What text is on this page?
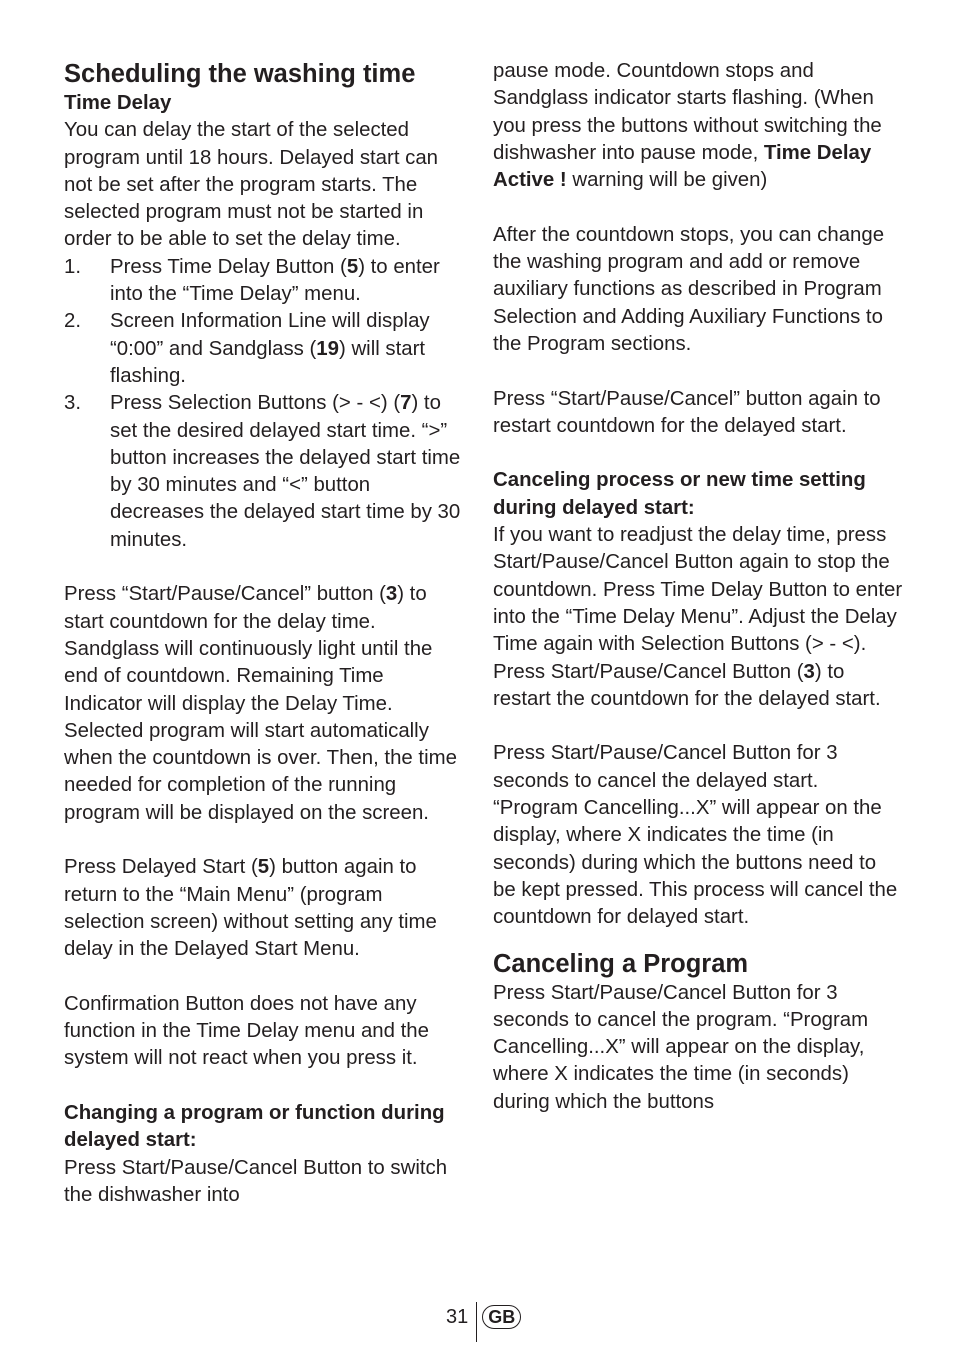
Scheduling the washing time
Time Delay

You can delay the start of the selected program until 18 hours. Delayed start can not be set after the program starts. The selected program must not be started in order to be able to set the delay time.

1. Press Time Delay Button (5) to enter into the “Time Delay” menu.
2. Screen Information Line will display “0:00” and Sandglass (19) will start flashing.
3. Press Selection Buttons (> - <) (7) to set the desired delayed start time. “>” button increases the delayed start time by 30 minutes and “<” button decreases the delayed start time by 30 minutes.

Press “Start/Pause/Cancel” button (3) to start countdown for the delay time. Sandglass will continuously light until the end of countdown. Remaining Time Indicator will display the Delay Time. Selected program will start automatically when the countdown is over. Then, the time needed for completion of the running program will be displayed on the screen.

Press Delayed Start (5) button again to return to the “Main Menu” (program selection screen) without setting any time delay in the Delayed Start Menu.

Confirmation Button does not have any function in the Time Delay menu and the system will not react when you press it.

Changing a program or function during delayed start:

Press Start/Pause/Cancel Button to switch the dishwasher into

pause mode. Countdown stops and Sandglass indicator starts flashing. (When you press the buttons without switching the dishwasher into pause mode, Time Delay Active ! warning will be given)

After the countdown stops, you can change the washing program and add or remove auxiliary functions as described in Program Selection and Adding Auxiliary Functions to the Program sections.

Press “Start/Pause/Cancel” button again to restart countdown for the delayed start.

Canceling process or new time setting during delayed start:

If you want to readjust the delay time, press Start/Pause/Cancel Button again to stop the countdown. Press Time Delay Button to enter into the “Time Delay Menu”. Adjust the Delay Time again with Selection Buttons (> - <). Press Start/Pause/Cancel Button (3) to restart the countdown for the delayed start.

Press Start/Pause/Cancel Button for 3 seconds to cancel the delayed start. “Program Cancelling...X” will appear on the display, where X indicates the time (in seconds) during which the buttons need to be kept pressed. This process will cancel the countdown for delayed start.

Canceling a Program

Press Start/Pause/Cancel Button for 3 seconds to cancel the program. “Program Cancelling...X” will appear on the display, where X indicates the time (in seconds) during which the buttons

31	GB
